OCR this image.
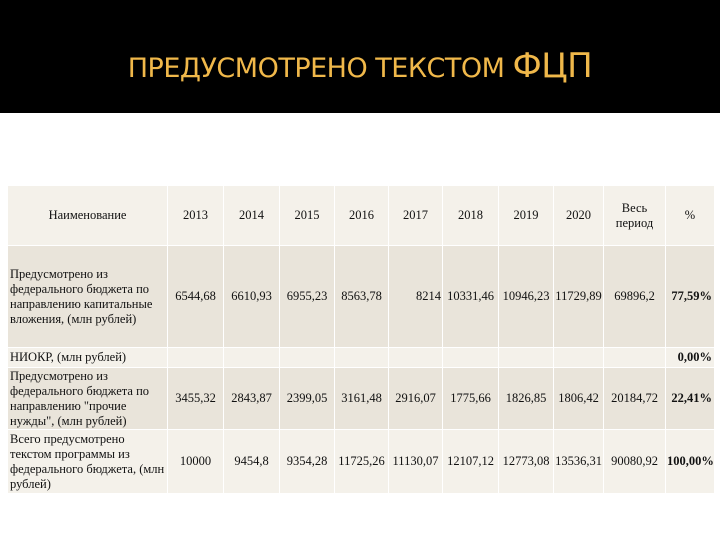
ПРЕДУСМОТРЕНО ТЕКСТОМ ФЦП
Наименование	2013	2014	2015	2016	2017	2018	2019	2020	Весь период	%
Предусмотрено из федерального бюджета по направлению капитальные вложения, (млн рублей)	6544,68	6610,93	6955,23	8563,78	8214	10331,46	10946,23	11729,89	69896,2	77,59%
НИОКР, (млн рублей)										0,00%
Предусмотрено из федерального бюджета по направлению "прочие нужды", (млн рублей)	3455,32	2843,87	2399,05	3161,48	2916,07	1775,66	1826,85	1806,42	20184,72	22,41%
Всего предусмотрено текстом программы из федерального бюджета, (млн рублей)	10000	9454,8	9354,28	11725,26	11130,07	12107,12	12773,08	13536,31	90080,92	100,00%
